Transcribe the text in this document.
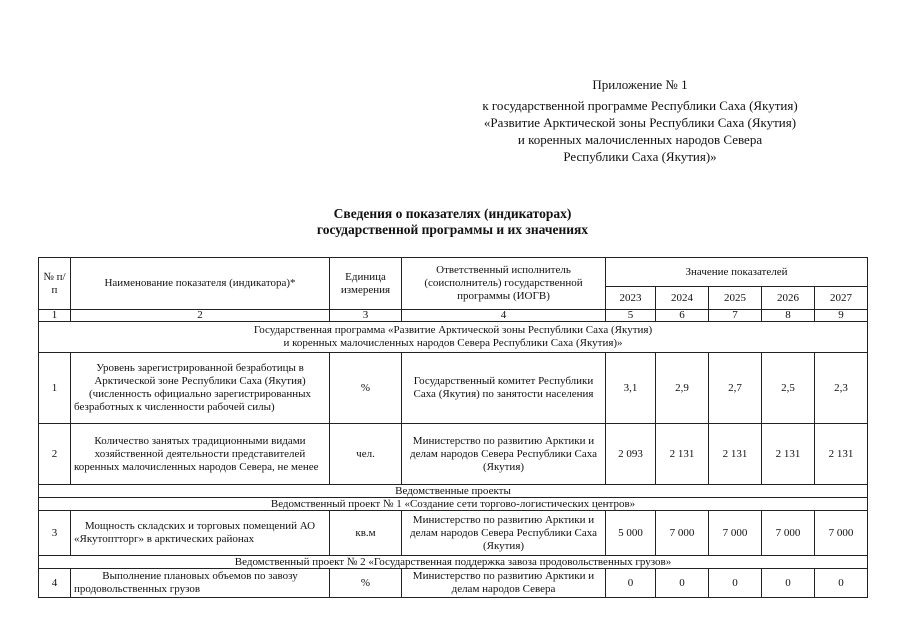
Приложение № 1
к государственной программе Республики Саха (Якутия)
«Развитие Арктической зоны Республики Саха (Якутия)
и коренных малочисленных народов Севера
Республики Саха (Якутия)»
Сведения о показателях (индикаторах)
государственной программы и их значениях
№ п/п	Наименование показателя (индикатора)*	Единица измерения	Ответственный исполнитель (соисполнитель) государственной программы (ИОГВ)	Значение показателей				
				2023	2024	2025	2026	2027
1	2	3	4	5	6	7	8	9

Государственная программа «Развитие Арктической зоны Республики Саха (Якутия)
и коренных малочисленных народов Севера Республики Саха (Якутия)»								

1	Уровень зарегистрированной безработицы в Арктической зоне Республики Саха (Якутия) (численность официально зарегистрированных безработных к численности рабочей силы)	%	Государственный комитет Республики Саха (Якутия) по занятости населения	3,1	2,9	2,7	2,5	2,3
2	Количество занятых традиционными видами хозяйственной деятельности представителей коренных малочисленных народов Севера, не менее	чел.	Министерство по развитию Арктики и делам народов Севера Республики Саха (Якутия)	2 093	2 131	2 131	2 131	2 131
Ведомственные проекты								
Ведомственный проект № 1 «Создание сети торгово-логистических центров»								
3	Мощность складских и торговых помещений АО «Якутоптторг» в арктических районах	кв.м	Министерство по развитию Арктики и делам народов Севера Республики Саха (Якутия)	5 000	7 000	7 000	7 000	7 000
Ведомственный проект № 2 «Государственная поддержка завоза продовольственных грузов»								
4	Выполнение плановых объемов по завозу продовольственных грузов	%	Министерство по развитию Арктики и делам народов Севера	0	0	0	0	0
